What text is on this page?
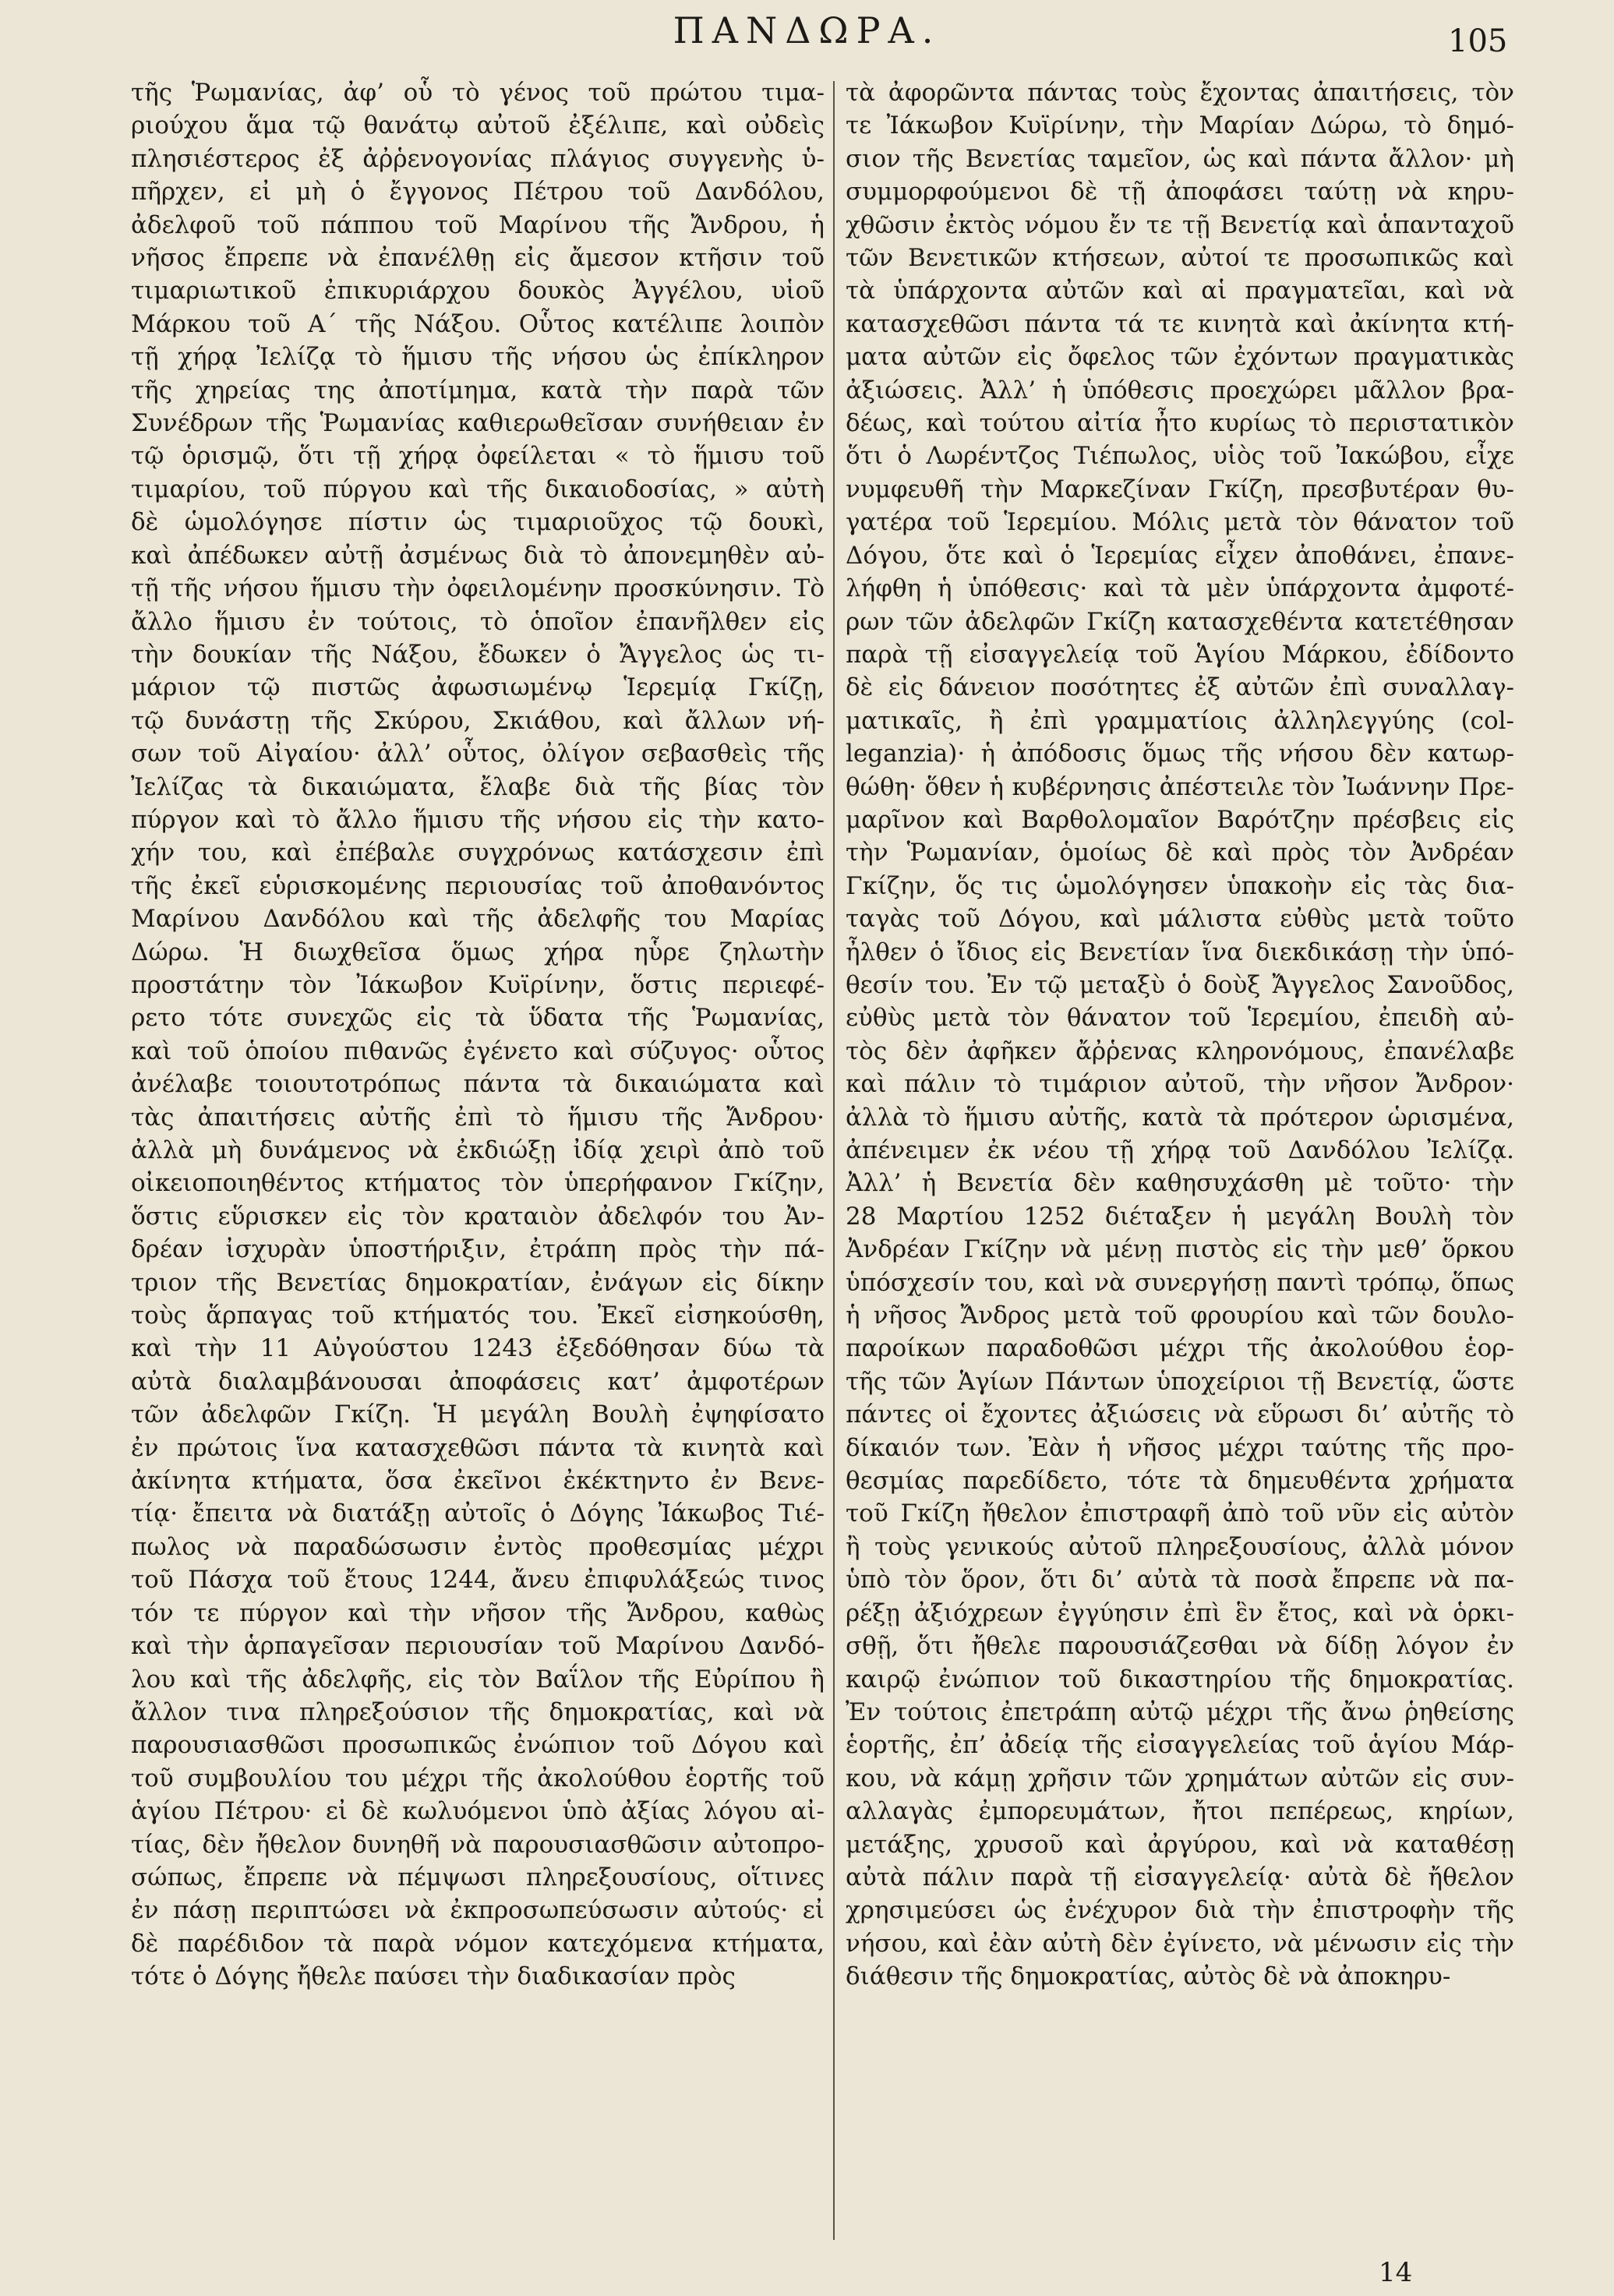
ΠΑΝΔΩΡΑ.	105

τῆς Ῥωμανίας, ἀφ’ οὗ τὸ γένος τοῦ πρώτου τιμα-

ριούχου ἅμα τῷ θανάτῳ αὐτοῦ ἐξέλιπε, καὶ οὐδεὶς

πλησιέστερος ἐξ ἀῤῥενογονίας πλάγιος συγγενὴς ὑ-

πῆρχεν, εἰ μὴ ὁ ἔγγονος Πέτρου τοῦ Δανδόλου,

ἀδελφοῦ τοῦ πάππου τοῦ Μαρίνου τῆς Ἄνδρου, ἡ

νῆσος ἔπρεπε νὰ ἐπανέλθῃ εἰς ἄμεσον κτῆσιν τοῦ

τιμαριωτικοῦ ἐπικυριάρχου δουκὸς Ἀγγέλου, υἱοῦ

Μάρκου τοῦ Α΄ τῆς Νάξου. Οὗτος κατέλιπε λοιπὸν

τῇ χήρᾳ Ἰελίζᾳ τὸ ἥμισυ τῆς νήσου ὡς ἐπίκληρον

τῆς χηρείας της ἀποτίμημα, κατὰ τὴν παρὰ τῶν

Συνέδρων τῆς Ῥωμανίας καθιερωθεῖσαν συνήθειαν ἐν

τῷ ὁρισμῷ, ὅτι τῇ χήρᾳ ὀφείλεται « τὸ ἥμισυ τοῦ

τιμαρίου, τοῦ πύργου καὶ τῆς δικαιοδοσίας, » αὐτὴ

δὲ ὡμολόγησε πίστιν ὡς τιμαριοῦχος τῷ δουκὶ,

καὶ ἀπέδωκεν αὐτῇ ἀσμένως διὰ τὸ ἀπονεμηθὲν αὐ-

τῇ τῆς νήσου ἥμισυ τὴν ὀφειλομένην προσκύνησιν. Τὸ

ἄλλο ἥμισυ ἐν τούτοις, τὸ ὁποῖον ἐπανῆλθεν εἰς

τὴν δουκίαν τῆς Νάξου, ἔδωκεν ὁ Ἄγγελος ὡς τι-

μάριον τῷ πιστῶς ἀφωσιωμένῳ Ἱερεμίᾳ Γκίζῃ,

τῷ δυνάστῃ τῆς Σκύρου, Σκιάθου, καὶ ἄλλων νή-

σων τοῦ Αἰγαίου· ἀλλ’ οὗτος, ὀλίγον σεβασθεὶς τῆς

Ἰελίζας τὰ δικαιώματα, ἔλαβε διὰ τῆς βίας τὸν

πύργον καὶ τὸ ἄλλο ἥμισυ τῆς νήσου εἰς τὴν κατο-

χήν του, καὶ ἐπέβαλε συγχρόνως κατάσχεσιν ἐπὶ

τῆς ἐκεῖ εὑρισκομένης περιουσίας τοῦ ἀποθανόντος

Μαρίνου Δανδόλου καὶ τῆς ἀδελφῆς του Μαρίας

Δώρω. Ἡ διωχθεῖσα ὅμως χήρα ηὗρε ζηλωτὴν

προστάτην τὸν Ἰάκωβον Κυϊρίνην, ὅστις περιεφέ-

ρετο τότε συνεχῶς εἰς τὰ ὕδατα τῆς Ῥωμανίας,

καὶ τοῦ ὁποίου πιθανῶς ἐγένετο καὶ σύζυγος· οὗτος

ἀνέλαβε τοιουτοτρόπως πάντα τὰ δικαιώματα καὶ

τὰς ἀπαιτήσεις αὐτῆς ἐπὶ τὸ ἥμισυ τῆς Ἄνδρου·

ἀλλὰ μὴ δυνάμενος νὰ ἐκδιώξῃ ἰδίᾳ χειρὶ ἀπὸ τοῦ

οἰκειοποιηθέντος κτήματος τὸν ὑπερήφανον Γκίζην,

ὅστις εὕρισκεν εἰς τὸν κραταιὸν ἀδελφόν του Ἀν-

δρέαν ἰσχυρὰν ὑποστήριξιν, ἐτράπη πρὸς τὴν πά-

τριον τῆς Βενετίας δημοκρατίαν, ἐνάγων εἰς δίκην

τοὺς ἅρπαγας τοῦ κτήματός του. Ἐκεῖ εἰσηκούσθη,

καὶ τὴν 11 Αὐγούστου 1243 ἐξεδόθησαν δύω τὰ

αὐτὰ διαλαμβάνουσαι ἀποφάσεις κατ’ ἀμφοτέρων

τῶν ἀδελφῶν Γκίζη. Ἡ μεγάλη Βουλὴ ἐψηφίσατο

ἐν πρώτοις ἵνα κατασχεθῶσι πάντα τὰ κινητὰ καὶ

ἀκίνητα κτήματα, ὅσα ἐκεῖνοι ἐκέκτηντο ἐν Βενε-

τίᾳ· ἔπειτα νὰ διατάξῃ αὐτοῖς ὁ Δόγης Ἰάκωβος Τιέ-

πωλος νὰ παραδώσωσιν ἐντὸς προθεσμίας μέχρι

τοῦ Πάσχα τοῦ ἔτους 1244, ἄνευ ἐπιφυλάξεώς τινος

τόν τε πύργον καὶ τὴν νῆσον τῆς Ἄνδρου, καθὼς

καὶ τὴν ἁρπαγεῖσαν περιουσίαν τοῦ Μαρίνου Δανδό-

λου καὶ τῆς ἀδελφῆς, εἰς τὸν Βαΐλον τῆς Εὐρίπου ἢ

ἄλλον τινα πληρεξούσιον τῆς δημοκρατίας, καὶ νὰ

παρουσιασθῶσι προσωπικῶς ἐνώπιον τοῦ Δόγου καὶ

τοῦ συμβουλίου του μέχρι τῆς ἀκολούθου ἑορτῆς τοῦ

ἁγίου Πέτρου· εἰ δὲ κωλυόμενοι ὑπὸ ἀξίας λόγου αἰ-

τίας, δὲν ἤθελον δυνηθῆ νὰ παρουσιασθῶσιν αὐτοπρο-

σώπως, ἔπρεπε νὰ πέμψωσι πληρεξουσίους, οἵτινες

ἐν πάσῃ περιπτώσει νὰ ἐκπροσωπεύσωσιν αὐτούς· εἰ

δὲ παρέδιδον τὰ παρὰ νόμον κατεχόμενα κτήματα,

τότε ὁ Δόγης ἤθελε παύσει τὴν διαδικασίαν πρὸς

τὰ ἀφορῶντα πάντας τοὺς ἔχοντας ἀπαιτήσεις, τὸν

τε Ἰάκωβον Κυϊρίνην, τὴν Μαρίαν Δώρω, τὸ δημό-

σιον τῆς Βενετίας ταμεῖον, ὡς καὶ πάντα ἄλλον· μὴ

συμμορφούμενοι δὲ τῇ ἀποφάσει ταύτῃ νὰ κηρυ-

χθῶσιν ἐκτὸς νόμου ἔν τε τῇ Βενετίᾳ καὶ ἁπανταχοῦ

τῶν Βενετικῶν κτήσεων, αὐτοί τε προσωπικῶς καὶ

τὰ ὑπάρχοντα αὐτῶν καὶ αἱ πραγματεῖαι, καὶ νὰ

κατασχεθῶσι πάντα τά τε κινητὰ καὶ ἀκίνητα κτή-

ματα αὐτῶν εἰς ὄφελος τῶν ἐχόντων πραγματικὰς

ἀξιώσεις. Ἀλλ’ ἡ ὑπόθεσις προεχώρει μᾶλλον βρα-

δέως, καὶ τούτου αἰτία ἦτο κυρίως τὸ περιστατικὸν

ὅτι ὁ Λωρέντζος Τιέπωλος, υἱὸς τοῦ Ἰακώβου, εἶχε

νυμφευθῆ τὴν Μαρκεζίναν Γκίζη, πρεσβυτέραν θυ-

γατέρα τοῦ Ἱερεμίου. Μόλις μετὰ τὸν θάνατον τοῦ

Δόγου, ὅτε καὶ ὁ Ἱερεμίας εἶχεν ἀποθάνει, ἐπανε-

λήφθη ἡ ὑπόθεσις· καὶ τὰ μὲν ὑπάρχοντα ἀμφοτέ-

ρων τῶν ἀδελφῶν Γκίζη κατασχεθέντα κατετέθησαν

παρὰ τῇ εἰσαγγελείᾳ τοῦ Ἁγίου Μάρκου, ἐδίδοντο

δὲ εἰς δάνειον ποσότητες ἐξ αὐτῶν ἐπὶ συναλλαγ-

ματικαῖς, ἢ ἐπὶ γραμματίοις ἀλληλεγγύης (col-

leganzia)· ἡ ἀπόδοσις ὅμως τῆς νήσου δὲν κατωρ-

θώθη· ὅθεν ἡ κυβέρνησις ἀπέστειλε τὸν Ἰωάννην Πρε-

μαρῖνον καὶ Βαρθολομαῖον Βαρότζην πρέσβεις εἰς

τὴν Ῥωμανίαν, ὁμοίως δὲ καὶ πρὸς τὸν Ἀνδρέαν

Γκίζην, ὅς τις ὡμολόγησεν ὑπακοὴν εἰς τὰς δια-

ταγὰς τοῦ Δόγου, καὶ μάλιστα εὐθὺς μετὰ τοῦτο

ἦλθεν ὁ ἴδιος εἰς Βενετίαν ἵνα διεκδικάσῃ τὴν ὑπό-

θεσίν του. Ἐν τῷ μεταξὺ ὁ δοὺξ Ἄγγελος Σανοῦδος,

εὐθὺς μετὰ τὸν θάνατον τοῦ Ἱερεμίου, ἐπειδὴ αὐ-

τὸς δὲν ἀφῆκεν ἄῤῥενας κληρονόμους, ἐπανέλαβε

καὶ πάλιν τὸ τιμάριον αὐτοῦ, τὴν νῆσον Ἄνδρον·

ἀλλὰ τὸ ἥμισυ αὐτῆς, κατὰ τὰ πρότερον ὡρισμένα,

ἀπένειμεν ἐκ νέου τῇ χήρᾳ τοῦ Δανδόλου Ἰελίζᾳ.

Ἀλλ’ ἡ Βενετία δὲν καθησυχάσθη μὲ τοῦτο· τὴν

28 Μαρτίου 1252 διέταξεν ἡ μεγάλη Βουλὴ τὸν

Ἀνδρέαν Γκίζην νὰ μένῃ πιστὸς εἰς τὴν μεθ’ ὅρκου

ὑπόσχεσίν του, καὶ νὰ συνεργήσῃ παντὶ τρόπῳ, ὅπως

ἡ νῆσος Ἄνδρος μετὰ τοῦ φρουρίου καὶ τῶν δουλο-

παροίκων παραδοθῶσι μέχρι τῆς ἀκολούθου ἑορ-

τῆς τῶν Ἁγίων Πάντων ὑποχείριοι τῇ Βενετίᾳ, ὥστε

πάντες οἱ ἔχοντες ἀξιώσεις νὰ εὕρωσι δι’ αὐτῆς τὸ

δίκαιόν των. Ἐὰν ἡ νῆσος μέχρι ταύτης τῆς προ-

θεσμίας παρεδίδετο, τότε τὰ δημευθέντα χρήματα

τοῦ Γκίζη ἤθελον ἐπιστραφῆ ἀπὸ τοῦ νῦν εἰς αὐτὸν

ἢ τοὺς γενικούς αὐτοῦ πληρεξουσίους, ἀλλὰ μόνον

ὑπὸ τὸν ὅρον, ὅτι δι’ αὐτὰ τὰ ποσὰ ἔπρεπε νὰ πα-

ρέξῃ ἀξιόχρεων ἐγγύησιν ἐπὶ ἓν ἔτος, καὶ νὰ ὁρκι-

σθῇ, ὅτι ἤθελε παρουσιάζεσθαι νὰ δίδῃ λόγον ἐν

καιρῷ ἐνώπιον τοῦ δικαστηρίου τῆς δημοκρατίας.

Ἐν τούτοις ἐπετράπη αὐτῷ μέχρι τῆς ἄνω ῥηθείσης

ἑορτῆς, ἐπ’ ἀδείᾳ τῆς εἰσαγγελείας τοῦ ἁγίου Μάρ-

κου, νὰ κάμῃ χρῆσιν τῶν χρημάτων αὐτῶν εἰς συν-

αλλαγὰς ἐμπορευμάτων, ἤτοι πεπέρεως, κηρίων,

μετάξης, χρυσοῦ καὶ ἀργύρου, καὶ νὰ καταθέσῃ

αὐτὰ πάλιν παρὰ τῇ εἰσαγγελείᾳ· αὐτὰ δὲ ἤθελον

χρησιμεύσει ὡς ἐνέχυρον διὰ τὴν ἐπιστροφὴν τῆς

νήσου, καὶ ἐὰν αὐτὴ δὲν ἐγίνετο, νὰ μένωσιν εἰς τὴν

διάθεσιν τῆς δημοκρατίας, αὐτὸς δὲ νὰ ἀποκηρυ-

14
